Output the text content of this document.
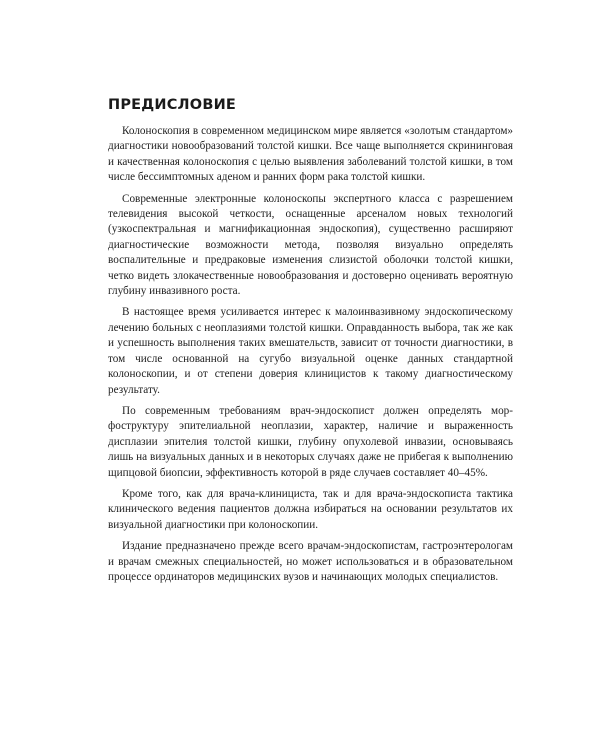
ПРЕДИСЛОВИЕ

Колоноскопия в современном медицинском мире является «золотым стандартом» диагностики новообразований толстой кишки. Все чаще выполняется скрининговая и качественная колоноскопия с целью выявления заболеваний толстой кишки, в том числе бессимптомных аденом и ранних форм рака толстой кишки.

Современные электронные колоноскопы экспертного класса с разрешением телевидения высокой четкости, оснащенные арсеналом новых технологий (узкоспектральная и магнификационная эндоскопия), существенно расширяют диагностические возможности метода, позволяя визуально определять воспалительные и предраковые изменения слизистой оболочки толстой кишки, четко видеть злокачественные новообразования и достоверно оценивать вероятную глубину инвазивного роста.

В настоящее время усиливается интерес к малоинвазивному эндоскопическому лечению больных с неоплазиями толстой кишки. Оправданность выбора, так же как и успешность выполнения таких вмешательств, зависит от точности диагностики, в том числе основанной на сугубо визуальной оценке данных стандартной колоноскопии, и от степени доверия клиницистов к такому диагностическому результату.

По современным требованиям врач-эндоскопист должен определять морфоструктуру эпителиальной неоплазии, характер, наличие и выраженность дисплазии эпителия толстой кишки, глубину опухолевой инвазии, основываясь лишь на визуальных данных и в некоторых случаях даже не прибегая к выполнению щипцовой биопсии, эффективность которой в ряде случаев составляет 40–45%.

Кроме того, как для врача-клинициста, так и для врача-эндоскописта тактика клинического ведения пациентов должна избираться на основании результатов их визуальной диагностики при колоноскопии.

Издание предназначено прежде всего врачам-эндоскопистам, гастроэнтерологам и врачам смежных специальностей, но может использоваться и в образовательном процессе ординаторов медицинских вузов и начинающих молодых специалистов.
